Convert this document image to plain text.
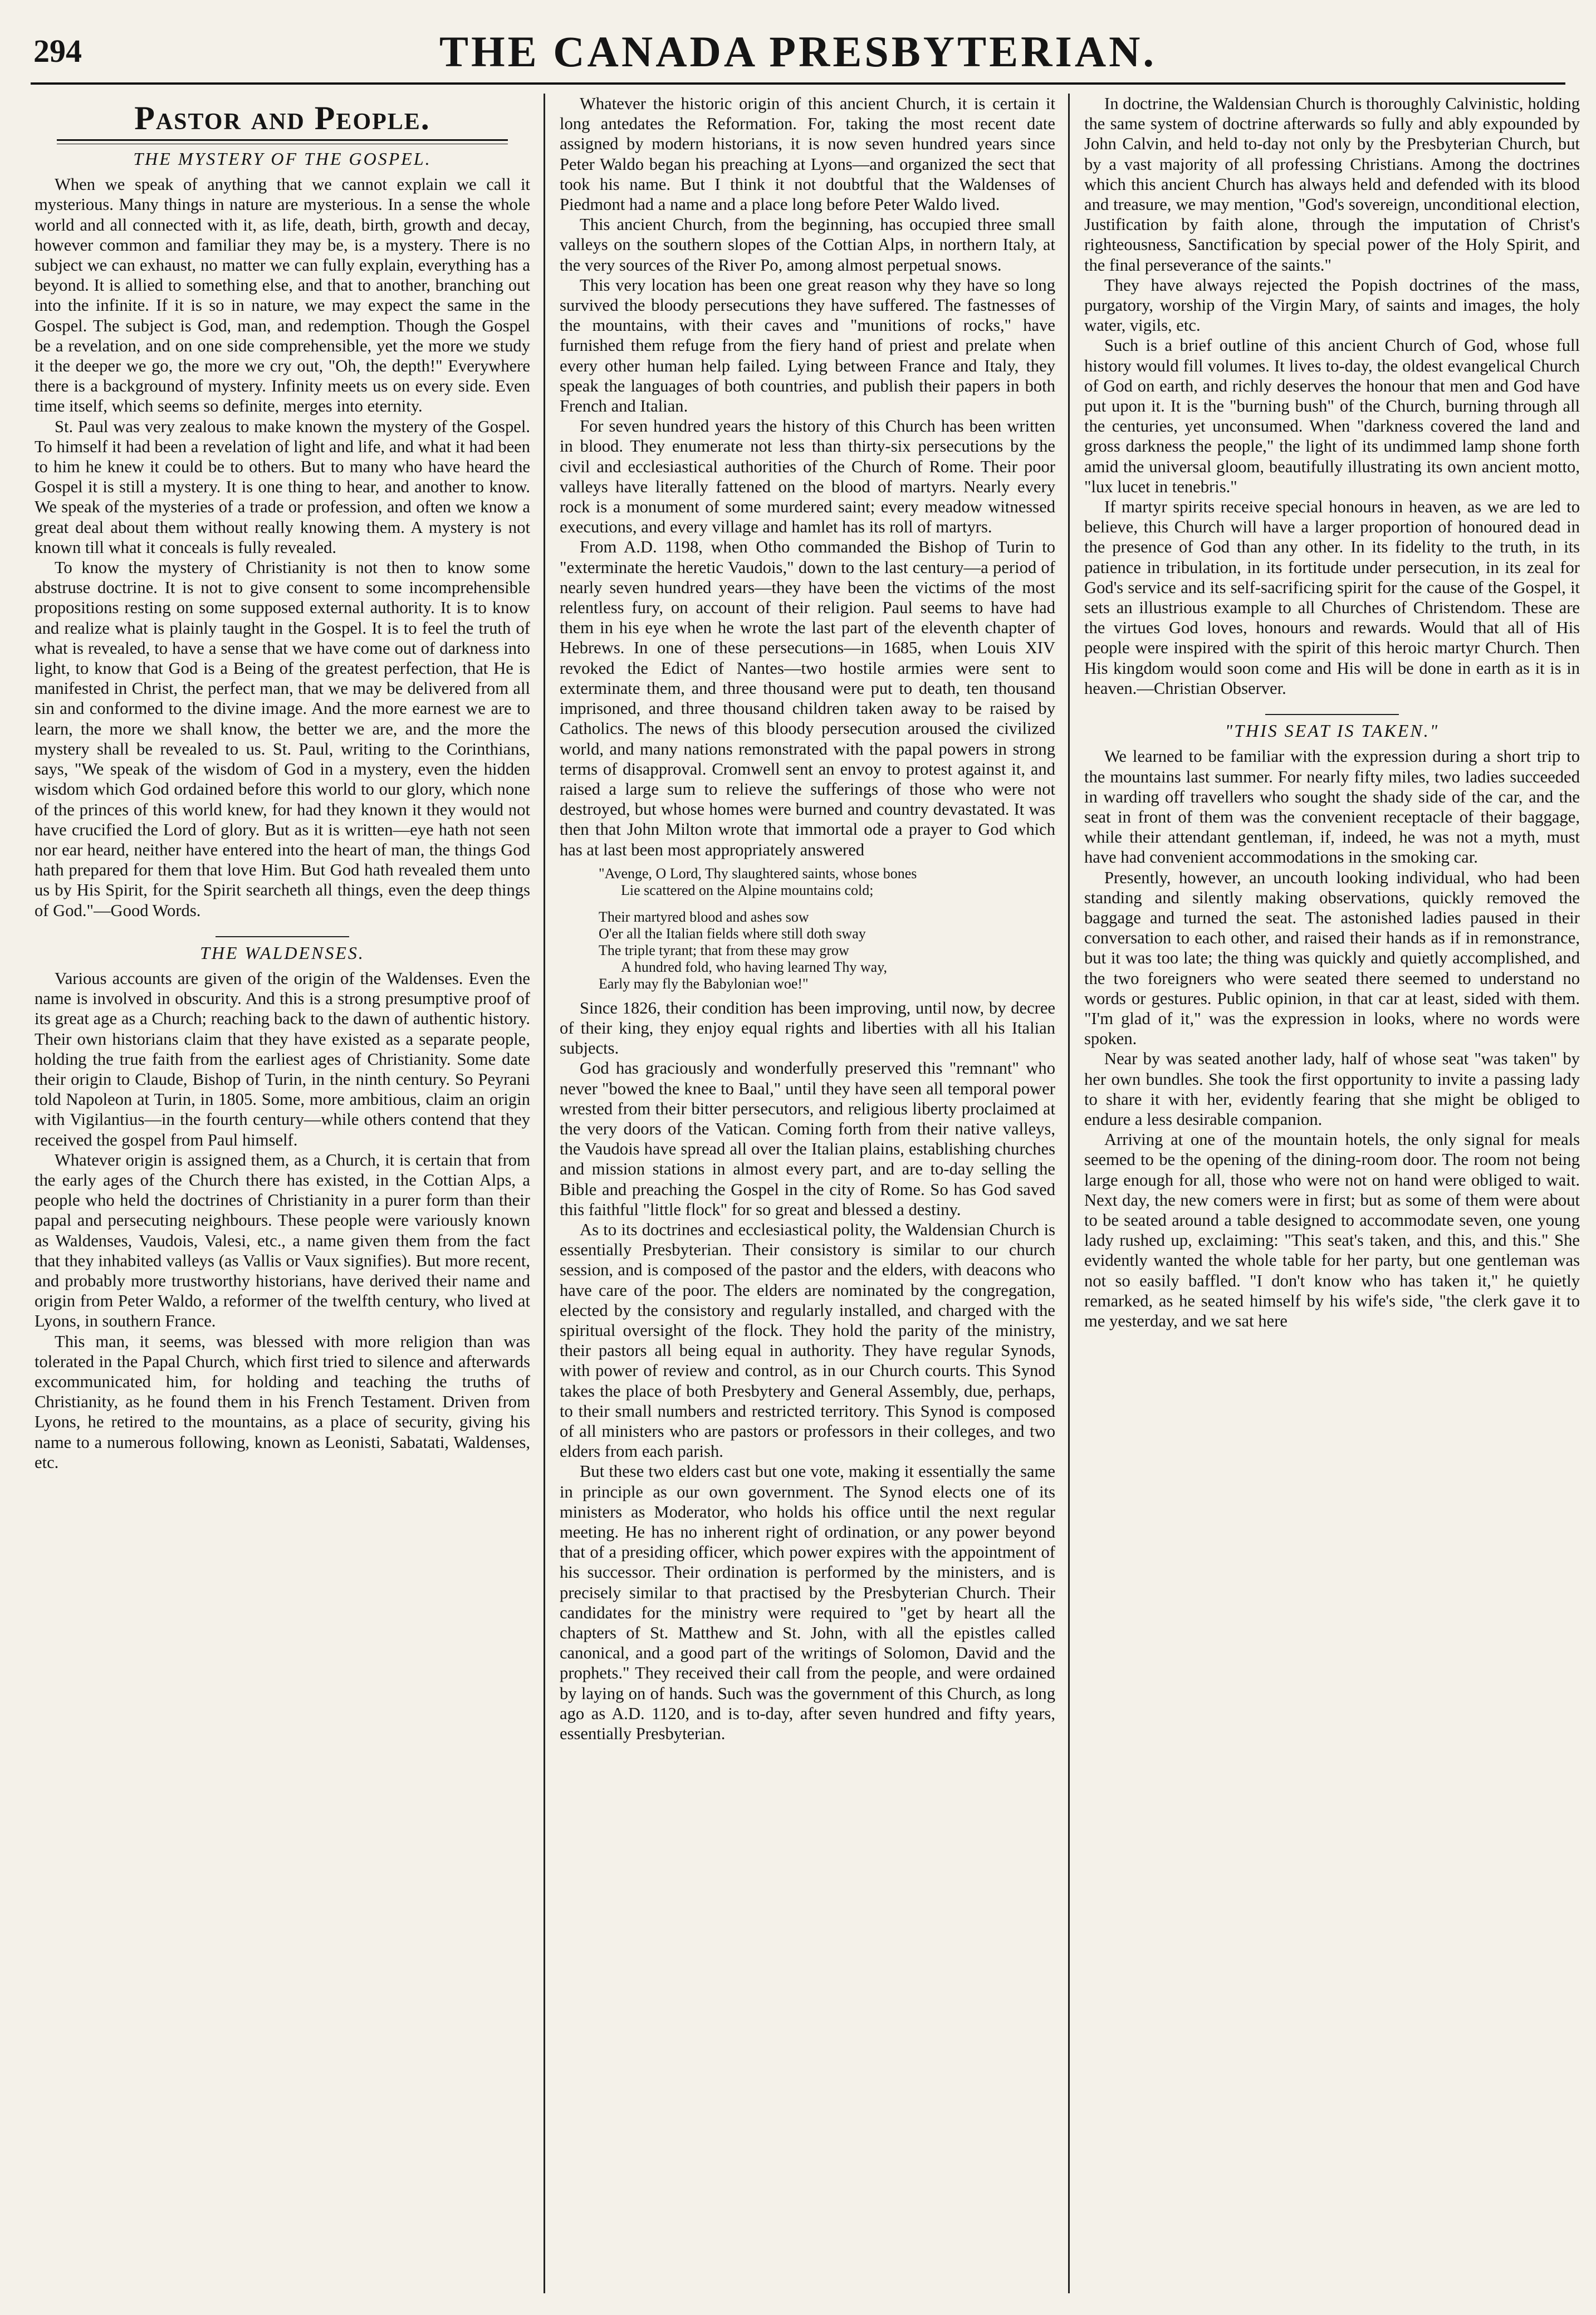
294	THE CANADA PRESBYTERIAN.
Pastor and People.
THE MYSTERY OF THE GOSPEL.

When we speak of anything that we cannot explain we call it mysterious. Many things in nature are mysterious. In a sense the whole world and all connected with it, as life, death, birth, growth and decay, however common and familiar they may be, is a mystery. There is no subject we can exhaust, no matter we can fully explain, everything has a beyond. It is allied to something else, and that to another, branching out into the infinite. If it is so in nature, we may expect the same in the Gospel. The subject is God, man, and redemption. Though the Gospel be a revelation, and on one side comprehensible, yet the more we study it the deeper we go, the more we cry out, "Oh, the depth!" Everywhere there is a background of mystery. Infinity meets us on every side. Even time itself, which seems so definite, merges into eternity.

St. Paul was very zealous to make known the mystery of the Gospel. To himself it had been a revelation of light and life, and what it had been to him he knew it could be to others. But to many who have heard the Gospel it is still a mystery. It is one thing to hear, and another to know. We speak of the mysteries of a trade or profession, and often we know a great deal about them without really knowing them. A mystery is not known till what it conceals is fully revealed.

To know the mystery of Christianity is not then to know some abstruse doctrine. It is not to give consent to some incomprehensible propositions resting on some supposed external authority. It is to know and realize what is plainly taught in the Gospel. It is to feel the truth of what is revealed, to have a sense that we have come out of darkness into light, to know that God is a Being of the greatest perfection, that He is manifested in Christ, the perfect man, that we may be delivered from all sin and conformed to the divine image. And the more earnest we are to learn, the more we shall know, the better we are, and the more the mystery shall be revealed to us. St. Paul, writing to the Corinthians, says, "We speak of the wisdom of God in a mystery, even the hidden wisdom which God ordained before this world to our glory, which none of the princes of this world knew, for had they known it they would not have crucified the Lord of glory. But as it is written—eye hath not seen nor ear heard, neither have entered into the heart of man, the things God hath prepared for them that love Him. But God hath revealed them unto us by His Spirit, for the Spirit searcheth all things, even the deep things of God."—Good Words.

THE WALDENSES.

Various accounts are given of the origin of the Waldenses. Even the name is involved in obscurity. And this is a strong presumptive proof of its great age as a Church; reaching back to the dawn of authentic history. Their own historians claim that they have existed as a separate people, holding the true faith from the earliest ages of Christianity. Some date their origin to Claude, Bishop of Turin, in the ninth century. So Peyrani told Napoleon at Turin, in 1805. Some, more ambitious, claim an origin with Vigilantius—in the fourth century—while others contend that they received the gospel from Paul himself.

Whatever origin is assigned them, as a Church, it is certain that from the early ages of the Church there has existed, in the Cottian Alps, a people who held the doctrines of Christianity in a purer form than their papal and persecuting neighbours. These people were variously known as Waldenses, Vaudois, Valesi, etc., a name given them from the fact that they inhabited valleys (as Vallis or Vaux signifies). But more recent, and probably more trustworthy historians, have derived their name and origin from Peter Waldo, a reformer of the twelfth century, who lived at Lyons, in southern France.

This man, it seems, was blessed with more religion than was tolerated in the Papal Church, which first tried to silence and afterwards excommunicated him, for holding and teaching the truths of Christianity, as he found them in his French Testament. Driven from Lyons, he retired to the mountains, as a place of security, giving his name to a numerous following, known as Leonisti, Sabatati, Waldenses, etc.

Whatever the historic origin of this ancient Church, it is certain it long antedates the Reformation. For, taking the most recent date assigned by modern historians, it is now seven hundred years since Peter Waldo began his preaching at Lyons—and organized the sect that took his name. But I think it not doubtful that the Waldenses of Piedmont had a name and a place long before Peter Waldo lived.

This ancient Church, from the beginning, has occupied three small valleys on the southern slopes of the Cottian Alps, in northern Italy, at the very sources of the River Po, among almost perpetual snows.

This very location has been one great reason why they have so long survived the bloody persecutions they have suffered. The fastnesses of the mountains, with their caves and "munitions of rocks," have furnished them refuge from the fiery hand of priest and prelate when every other human help failed. Lying between France and Italy, they speak the languages of both countries, and publish their papers in both French and Italian.

For seven hundred years the history of this Church has been written in blood. They enumerate not less than thirty-six persecutions by the civil and ecclesiastical authorities of the Church of Rome. Their poor valleys have literally fattened on the blood of martyrs. Nearly every rock is a monument of some murdered saint; every meadow witnessed executions, and every village and hamlet has its roll of martyrs.

From A.D. 1198, when Otho commanded the Bishop of Turin to "exterminate the heretic Vaudois," down to the last century—a period of nearly seven hundred years—they have been the victims of the most relentless fury, on account of their religion. Paul seems to have had them in his eye when he wrote the last part of the eleventh chapter of Hebrews. In one of these persecutions—in 1685, when Louis XIV revoked the Edict of Nantes—two hostile armies were sent to exterminate them, and three thousand were put to death, ten thousand imprisoned, and three thousand children taken away to be raised by Catholics. The news of this bloody persecution aroused the civilized world, and many nations remonstrated with the papal powers in strong terms of disapproval. Cromwell sent an envoy to protest against it, and raised a large sum to relieve the sufferings of those who were not destroyed, but whose homes were burned and country devastated. It was then that John Milton wrote that immortal ode a prayer to God which has at last been most appropriately answered

"Avenge, O Lord, Thy slaughtered saints, whose bones
Lie scattered on the Alpine mountains cold;
Their martyred blood and ashes sow
O'er all the Italian fields where still doth sway
The triple tyrant; that from these may grow
A hundred fold, who having learned Thy way,
Early may fly the Babylonian woe!"

Since 1826, their condition has been improving, until now, by decree of their king, they enjoy equal rights and liberties with all his Italian subjects.

God has graciously and wonderfully preserved this "remnant" who never "bowed the knee to Baal," until they have seen all temporal power wrested from their bitter persecutors, and religious liberty proclaimed at the very doors of the Vatican. Coming forth from their native valleys, the Vaudois have spread all over the Italian plains, establishing churches and mission stations in almost every part, and are to-day selling the Bible and preaching the Gospel in the city of Rome. So has God saved this faithful "little flock" for so great and blessed a destiny.

As to its doctrines and ecclesiastical polity, the Waldensian Church is essentially Presbyterian. Their consistory is similar to our church session, and is composed of the pastor and the elders, with deacons who have care of the poor. The elders are nominated by the congregation, elected by the consistory and regularly installed, and charged with the spiritual oversight of the flock. They hold the parity of the ministry, their pastors all being equal in authority. They have regular Synods, with power of review and control, as in our Church courts. This Synod takes the place of both Presbytery and General Assembly, due, perhaps, to their small numbers and restricted territory. This Synod is composed of all ministers who are pastors or professors in their colleges, and two elders from each parish.

But these two elders cast but one vote, making it essentially the same in principle as our own government. The Synod elects one of its ministers as Moderator, who holds his office until the next regular meeting. He has no inherent right of ordination, or any power beyond that of a presiding officer, which power expires with the appointment of his successor. Their ordination is performed by the ministers, and is precisely similar to that practised by the Presbyterian Church. Their candidates for the ministry were required to "get by heart all the chapters of St. Matthew and St. John, with all the epistles called canonical, and a good part of the writings of Solomon, David and the prophets." They received their call from the people, and were ordained by laying on of hands. Such was the government of this Church, as long ago as A.D. 1120, and is to-day, after seven hundred and fifty years, essentially Presbyterian.

In doctrine, the Waldensian Church is thoroughly Calvinistic, holding the same system of doctrine afterwards so fully and ably expounded by John Calvin, and held to-day not only by the Presbyterian Church, but by a vast majority of all professing Christians. Among the doctrines which this ancient Church has always held and defended with its blood and treasure, we may mention, "God's sovereign, unconditional election, Justification by faith alone, through the imputation of Christ's righteousness, Sanctification by special power of the Holy Spirit, and the final perseverance of the saints."

They have always rejected the Popish doctrines of the mass, purgatory, worship of the Virgin Mary, of saints and images, the holy water, vigils, etc.

Such is a brief outline of this ancient Church of God, whose full history would fill volumes. It lives to-day, the oldest evangelical Church of God on earth, and richly deserves the honour that men and God have put upon it. It is the "burning bush" of the Church, burning through all the centuries, yet unconsumed. When "darkness covered the land and gross darkness the people," the light of its undimmed lamp shone forth amid the universal gloom, beautifully illustrating its own ancient motto, "lux lucet in tenebris."

If martyr spirits receive special honours in heaven, as we are led to believe, this Church will have a larger proportion of honoured dead in the presence of God than any other. In its fidelity to the truth, in its patience in tribulation, in its fortitude under persecution, in its zeal for God's service and its self-sacrificing spirit for the cause of the Gospel, it sets an illustrious example to all Churches of Christendom. These are the virtues God loves, honours and rewards. Would that all of His people were inspired with the spirit of this heroic martyr Church. Then His kingdom would soon come and His will be done in earth as it is in heaven.—Christian Observer.

"THIS SEAT IS TAKEN."

We learned to be familiar with the expression during a short trip to the mountains last summer. For nearly fifty miles, two ladies succeeded in warding off travellers who sought the shady side of the car, and the seat in front of them was the convenient receptacle of their baggage, while their attendant gentleman, if, indeed, he was not a myth, must have had convenient accommodations in the smoking car.

Presently, however, an uncouth looking individual, who had been standing and silently making observations, quickly removed the baggage and turned the seat. The astonished ladies paused in their conversation to each other, and raised their hands as if in remonstrance, but it was too late; the thing was quickly and quietly accomplished, and the two foreigners who were seated there seemed to understand no words or gestures. Public opinion, in that car at least, sided with them. "I'm glad of it," was the expression in looks, where no words were spoken.

Near by was seated another lady, half of whose seat "was taken" by her own bundles. She took the first opportunity to invite a passing lady to share it with her, evidently fearing that she might be obliged to endure a less desirable companion.

Arriving at one of the mountain hotels, the only signal for meals seemed to be the opening of the dining-room door. The room not being large enough for all, those who were not on hand were obliged to wait. Next day, the new comers were in first; but as some of them were about to be seated around a table designed to accommodate seven, one young lady rushed up, exclaiming: "This seat's taken, and this, and this." She evidently wanted the whole table for her party, but one gentleman was not so easily baffled. "I don't know who has taken it," he quietly remarked, as he seated himself by his wife's side, "the clerk gave it to me yesterday, and we sat here
